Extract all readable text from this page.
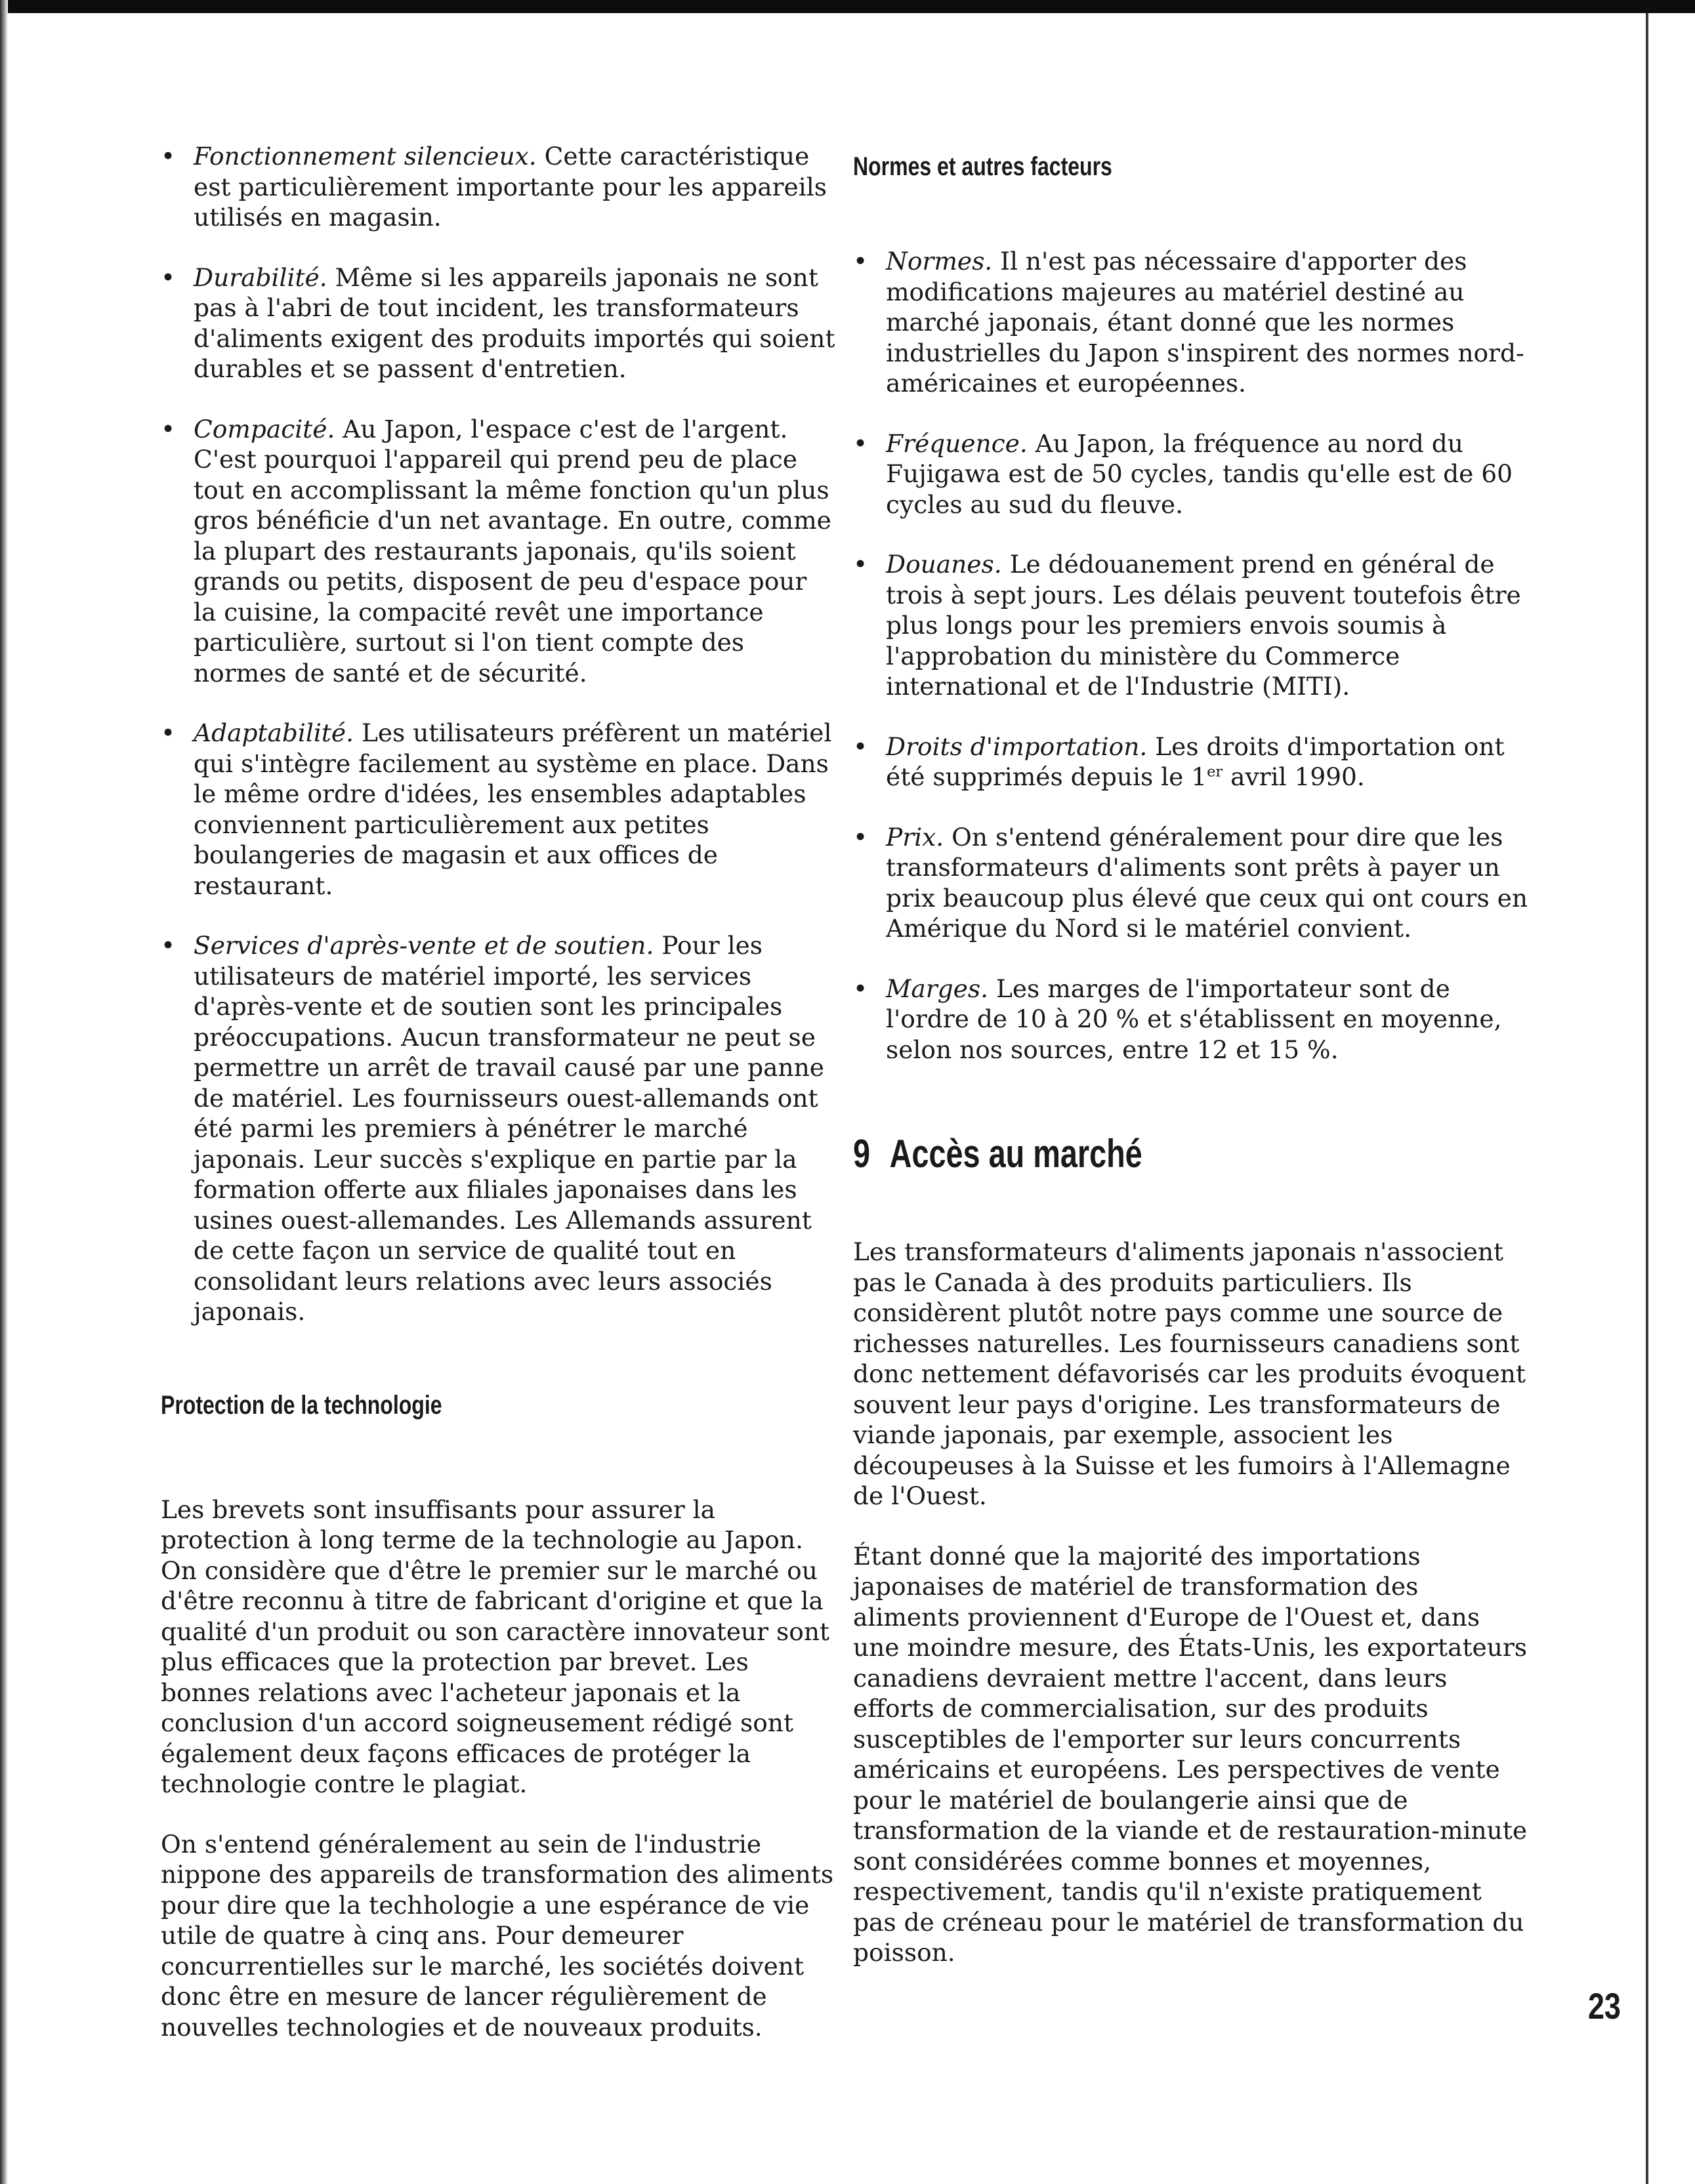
• Fonctionnement silencieux. Cette caractéristique est particulièrement importante pour les appareils utilisés en magasin.
• Durabilité. Même si les appareils japonais ne sont pas à l'abri de tout incident, les transformateurs d'aliments exigent des produits importés qui soient durables et se passent d'entretien.
• Compacité. Au Japon, l'espace c'est de l'argent. C'est pourquoi l'appareil qui prend peu de place tout en accomplissant la même fonction qu'un plus gros bénéficie d'un net avantage. En outre, comme la plupart des restaurants japonais, qu'ils soient grands ou petits, disposent de peu d'espace pour la cuisine, la compacité revêt une importance particulière, surtout si l'on tient compte des normes de santé et de sécurité.
• Adaptabilité. Les utilisateurs préfèrent un matériel qui s'intègre facilement au système en place. Dans le même ordre d'idées, les ensembles adaptables conviennent particulièrement aux petites boulangeries de magasin et aux offices de restaurant.
• Services d'après-vente et de soutien. Pour les utilisateurs de matériel importé, les services d'après-vente et de soutien sont les principales préoccupations. Aucun transformateur ne peut se permettre un arrêt de travail causé par une panne de matériel. Les fournisseurs ouest-allemands ont été parmi les premiers à pénétrer le marché japonais. Leur succès s'explique en partie par la formation offerte aux filiales japonaises dans les usines ouest-allemandes. Les Allemands assurent de cette façon un service de qualité tout en consolidant leurs relations avec leurs associés japonais.
Protection de la technologie

Les brevets sont insuffisants pour assurer la protection à long terme de la technologie au Japon. On considère que d'être le premier sur le marché ou d'être reconnu à titre de fabricant d'origine et que la qualité d'un produit ou son caractère innovateur sont plus efficaces que la protection par brevet. Les bonnes relations avec l'acheteur japonais et la conclusion d'un accord soigneusement rédigé sont également deux façons efficaces de protéger la technologie contre le plagiat.

On s'entend généralement au sein de l'industrie nippone des appareils de transformation des aliments pour dire que la techhologie a une espérance de vie utile de quatre à cinq ans. Pour demeurer concurrentielles sur le marché, les sociétés doivent donc être en mesure de lancer régulièrement de nouvelles technologies et de nouveaux produits.

Normes et autres facteurs
• Normes. Il n'est pas nécessaire d'apporter des modifications majeures au matériel destiné au marché japonais, étant donné que les normes industrielles du Japon s'inspirent des normes nord-américaines et européennes.
• Fréquence. Au Japon, la fréquence au nord du Fujigawa est de 50 cycles, tandis qu'elle est de 60 cycles au sud du fleuve.
• Douanes. Le dédouanement prend en général de trois à sept jours. Les délais peuvent toutefois être plus longs pour les premiers envois soumis à l'approbation du ministère du Commerce international et de l'Industrie (MITI).
• Droits d'importation. Les droits d'importation ont été supprimés depuis le 1er avril 1990.
• Prix. On s'entend généralement pour dire que les transformateurs d'aliments sont prêts à payer un prix beaucoup plus élevé que ceux qui ont cours en Amérique du Nord si le matériel convient.
• Marges. Les marges de l'importateur sont de l'ordre de 10 à 20 % et s'établissent en moyenne, selon nos sources, entre 12 et 15 %.
9 Accès au marché

Les transformateurs d'aliments japonais n'associent pas le Canada à des produits particuliers. Ils considèrent plutôt notre pays comme une source de richesses naturelles. Les fournisseurs canadiens sont donc nettement défavorisés car les produits évoquent souvent leur pays d'origine. Les transformateurs de viande japonais, par exemple, associent les découpeuses à la Suisse et les fumoirs à l'Allemagne de l'Ouest.

Étant donné que la majorité des importations japonaises de matériel de transformation des aliments proviennent d'Europe de l'Ouest et, dans une moindre mesure, des États-Unis, les exportateurs canadiens devraient mettre l'accent, dans leurs efforts de commercialisation, sur des produits susceptibles de l'emporter sur leurs concurrents américains et européens. Les perspectives de vente pour le matériel de boulangerie ainsi que de transformation de la viande et de restauration-minute sont considérées comme bonnes et moyennes, respectivement, tandis qu'il n'existe pratiquement pas de créneau pour le matériel de transformation du poisson.

23
